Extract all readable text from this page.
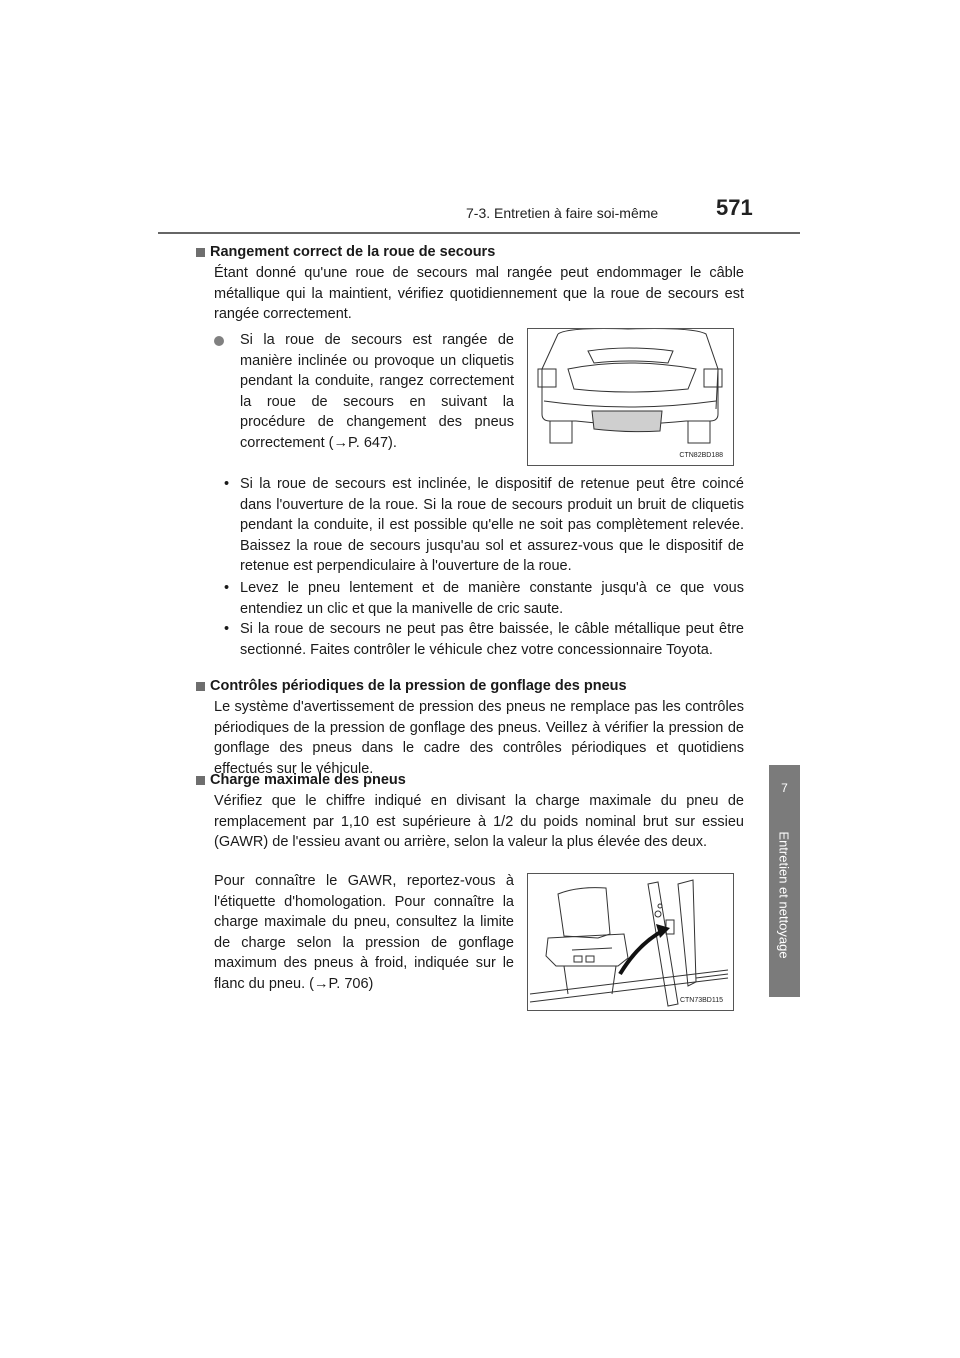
7-3. Entretien à faire soi-même	571
7
Entretien et nettoyage
Rangement correct de la roue de secours
Étant donné qu'une roue de secours mal rangée peut endommager le câble métallique qui la maintient, vérifiez quotidiennement que la roue de secours est rangée correctement.
Si la roue de secours est rangée de manière inclinée ou provoque un cliquetis pendant la conduite, rangez correctement la roue de secours en suivant la procédure de changement des pneus correctement (→P. 647).
CTN82BD188
• Si la roue de secours est inclinée, le dispositif de retenue peut être coincé dans l'ouverture de la roue. Si la roue de secours produit un bruit de cliquetis pendant la conduite, il est possible qu'elle ne soit pas complètement relevée. Baissez la roue de secours jusqu'au sol et assurez-vous que le dispositif de retenue est perpendiculaire à l'ouverture de la roue.
• Levez le pneu lentement et de manière constante jusqu'à ce que vous entendiez un clic et que la manivelle de cric saute.
• Si la roue de secours ne peut pas être baissée, le câble métallique peut être sectionné. Faites contrôler le véhicule chez votre concessionnaire Toyota.
Contrôles périodiques de la pression de gonflage des pneus
Le système d'avertissement de pression des pneus ne remplace pas les contrôles périodiques de la pression de gonflage des pneus. Veillez à vérifier la pression de gonflage des pneus dans le cadre des contrôles périodiques et quotidiens effectués sur le véhicule.
Charge maximale des pneus
Vérifiez que le chiffre indiqué en divisant la charge maximale du pneu de remplacement par 1,10 est supérieure à 1/2 du poids nominal brut sur essieu (GAWR) de l'essieu avant ou arrière, selon la valeur la plus élevée des deux.
Pour connaître le GAWR, reportez-vous à l'étiquette d'homologation. Pour connaître la charge maximale du pneu, consultez la limite de charge selon la pression de gonflage maximum des pneus à froid, indiquée sur le flanc du pneu. (→P. 706)
CTN73BD115
